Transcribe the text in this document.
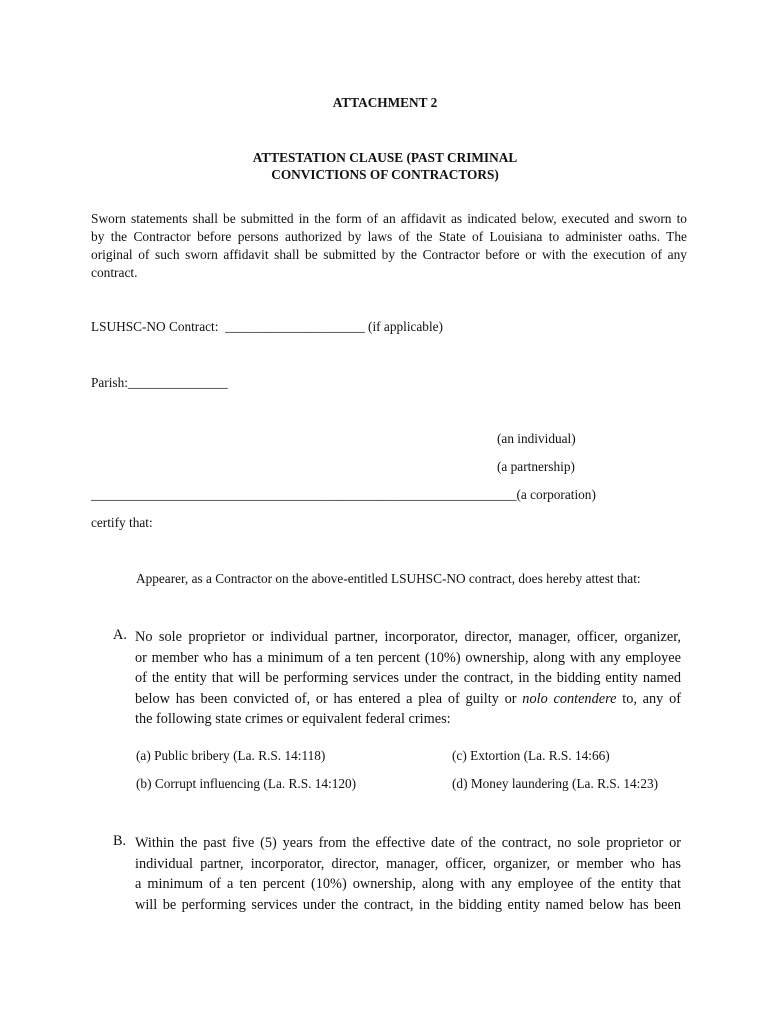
ATTACHMENT 2
ATTESTATION CLAUSE (PAST CRIMINAL
CONVICTIONS OF CONTRACTORS)
Sworn statements shall be submitted in the form of an affidavit as indicated below, executed and sworn to
by the Contractor before persons authorized by laws of the State of Louisiana to administer oaths. The
original of such sworn affidavit shall be submitted by the Contractor before or with the execution of any
contract.
LSUHSC-NO Contract: _____________________ (if applicable)
Parish:_______________
(an individual)
(a partnership)
________________________________________________________________(a corporation)
certify that:
Appearer, as a Contractor on the above-entitled LSUHSC-NO contract, does hereby attest that:
A. No sole proprietor or individual partner, incorporator, director, manager, officer, organizer,
or member who has a minimum of a ten percent (10%) ownership, along with any employee
of the entity that will be performing services under the contract, in the bidding entity named
below has been convicted of, or has entered a plea of guilty or nolo contendere to, any of
the following state crimes or equivalent federal crimes:
(a) Public bribery (La. R.S. 14:118)	(c) Extortion (La. R.S. 14:66)
(b) Corrupt influencing (La. R.S. 14:120)	(d) Money laundering (La. R.S. 14:23)
B. Within the past five (5) years from the effective date of the contract, no sole proprietor or
individual partner, incorporator, director, manager, officer, organizer, or member who has
a minimum of a ten percent (10%) ownership, along with any employee of the entity that
will be performing services under the contract, in the bidding entity named below has been
